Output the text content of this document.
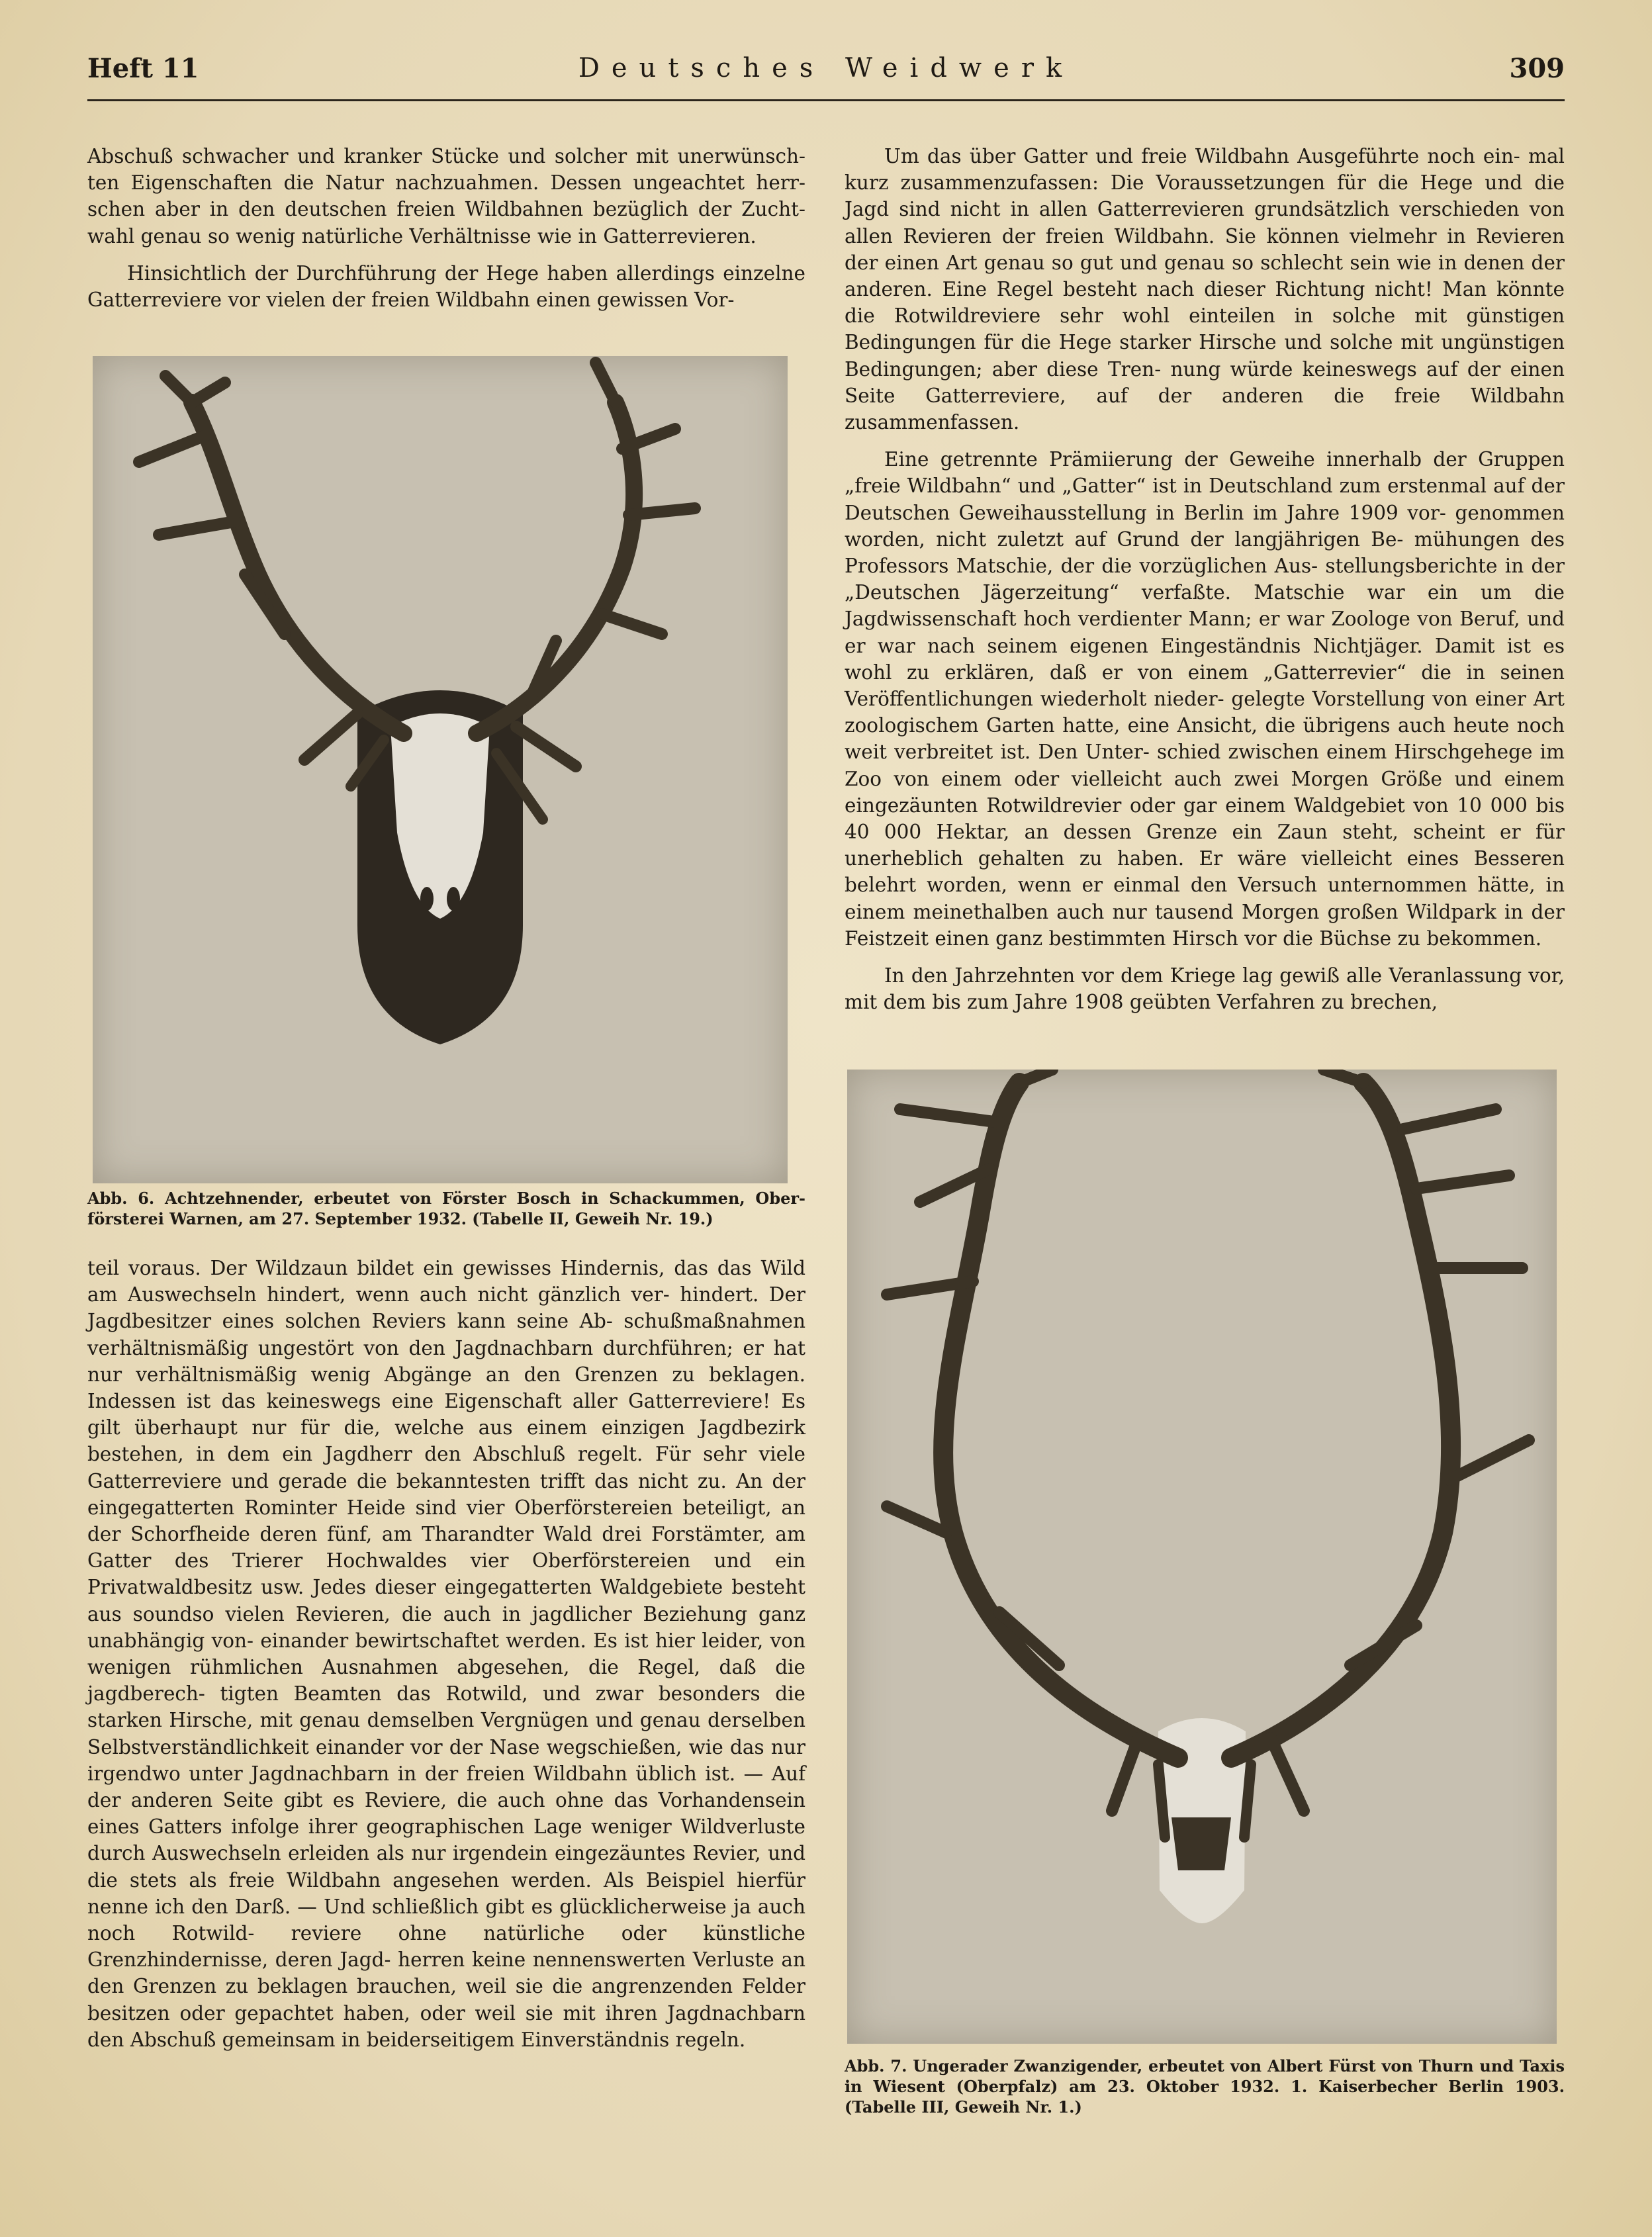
Heft 11	Deutsches Weidwerk	309

Abschuß schwacher und kranker Stücke und solcher mit unerwünsch- ten Eigenschaften die Natur nachzuahmen. Dessen ungeachtet herr- schen aber in den deutschen freien Wildbahnen bezüglich der Zucht- wahl genau so wenig natürliche Verhältnisse wie in Gatterrevieren.

Hinsichtlich der Durchführung der Hege haben allerdings einzelne Gatterreviere vor vielen der freien Wildbahn einen gewissen Vor-

Um das über Gatter und freie Wildbahn Ausgeführte noch ein- mal kurz zusammenzufassen: Die Voraussetzungen für die Hege und die Jagd sind nicht in allen Gatterrevieren grundsätzlich verschieden von allen Revieren der freien Wildbahn. Sie können vielmehr in Revieren der einen Art genau so gut und genau so schlecht sein wie in denen der anderen. Eine Regel besteht nach dieser Richtung nicht! Man könnte die Rotwildreviere sehr wohl einteilen in solche mit günstigen Bedingungen für die Hege starker Hirsche und solche mit ungünstigen Bedingungen; aber diese Tren- nung würde keineswegs auf der einen Seite Gatterreviere, auf der anderen die freie Wildbahn zusammenfassen.

Eine getrennte Prämiierung der Geweihe innerhalb der Gruppen „freie Wildbahn“ und „Gatter“ ist in Deutschland zum erstenmal auf der Deutschen Geweihausstellung in Berlin im Jahre 1909 vor- genommen worden, nicht zuletzt auf Grund der langjährigen Be- mühungen des Professors Matschie, der die vorzüglichen Aus- stellungsberichte in der „Deutschen Jägerzeitung“ verfaßte. Matschie war ein um die Jagdwissenschaft hoch verdienter Mann; er war Zoologe von Beruf, und er war nach seinem eigenen Eingeständnis Nichtjäger. Damit ist es wohl zu erklären, daß er von einem „Gatterrevier“ die in seinen Veröffentlichungen wiederholt nieder- gelegte Vorstellung von einer Art zoologischem Garten hatte, eine Ansicht, die übrigens auch heute noch weit verbreitet ist. Den Unter- schied zwischen einem Hirschgehege im Zoo von einem oder vielleicht auch zwei Morgen Größe und einem eingezäunten Rotwildrevier oder gar einem Waldgebiet von 10 000 bis 40 000 Hektar, an dessen Grenze ein Zaun steht, scheint er für unerheblich gehalten zu haben. Er wäre vielleicht eines Besseren belehrt worden, wenn er einmal den Versuch unternommen hätte, in einem meinethalben auch nur tausend Morgen großen Wildpark in der Feistzeit einen ganz bestimmten Hirsch vor die Büchse zu bekommen.

In den Jahrzehnten vor dem Kriege lag gewiß alle Veranlassung vor, mit dem bis zum Jahre 1908 geübten Verfahren zu brechen,

Abb. 6. Achtzehnender, erbeutet von Förster Bosch in Schackummen, Ober- försterei Warnen, am 27. September 1932. (Tabelle II, Geweih Nr. 19.)

teil voraus. Der Wildzaun bildet ein gewisses Hindernis, das das Wild am Auswechseln hindert, wenn auch nicht gänzlich ver- hindert. Der Jagdbesitzer eines solchen Reviers kann seine Ab- schußmaßnahmen verhältnismäßig ungestört von den Jagdnachbarn durchführen; er hat nur verhältnismäßig wenig Abgänge an den Grenzen zu beklagen. Indessen ist das keineswegs eine Eigenschaft aller Gatterreviere! Es gilt überhaupt nur für die, welche aus einem einzigen Jagdbezirk bestehen, in dem ein Jagdherr den Abschluß regelt. Für sehr viele Gatterreviere und gerade die bekanntesten trifft das nicht zu. An der eingegatterten Rominter Heide sind vier Oberförstereien beteiligt, an der Schorfheide deren fünf, am Tharandter Wald drei Forstämter, am Gatter des Trierer Hochwaldes vier Oberförstereien und ein Privatwaldbesitz usw. Jedes dieser eingegatterten Waldgebiete besteht aus soundso vielen Revieren, die auch in jagdlicher Beziehung ganz unabhängig von- einander bewirtschaftet werden. Es ist hier leider, von wenigen rühmlichen Ausnahmen abgesehen, die Regel, daß die jagdberech- tigten Beamten das Rotwild, und zwar besonders die starken Hirsche, mit genau demselben Vergnügen und genau derselben Selbstverständlichkeit einander vor der Nase wegschießen, wie das nur irgendwo unter Jagdnachbarn in der freien Wildbahn üblich ist. — Auf der anderen Seite gibt es Reviere, die auch ohne das Vorhandensein eines Gatters infolge ihrer geographischen Lage weniger Wildverluste durch Auswechseln erleiden als nur irgendein eingezäuntes Revier, und die stets als freie Wildbahn angesehen werden. Als Beispiel hierfür nenne ich den Darß. — Und schließlich gibt es glücklicherweise ja auch noch Rotwild- reviere ohne natürliche oder künstliche Grenzhindernisse, deren Jagd- herren keine nennenswerten Verluste an den Grenzen zu beklagen brauchen, weil sie die angrenzenden Felder besitzen oder gepachtet haben, oder weil sie mit ihren Jagdnachbarn den Abschuß gemeinsam in beiderseitigem Einverständnis regeln.

Abb. 7. Ungerader Zwanzigender, erbeutet von Albert Fürst von Thurn und Taxis in Wiesent (Oberpfalz) am 23. Oktober 1932. 1. Kaiserbecher Berlin 1903. (Tabelle III, Geweih Nr. 1.)
